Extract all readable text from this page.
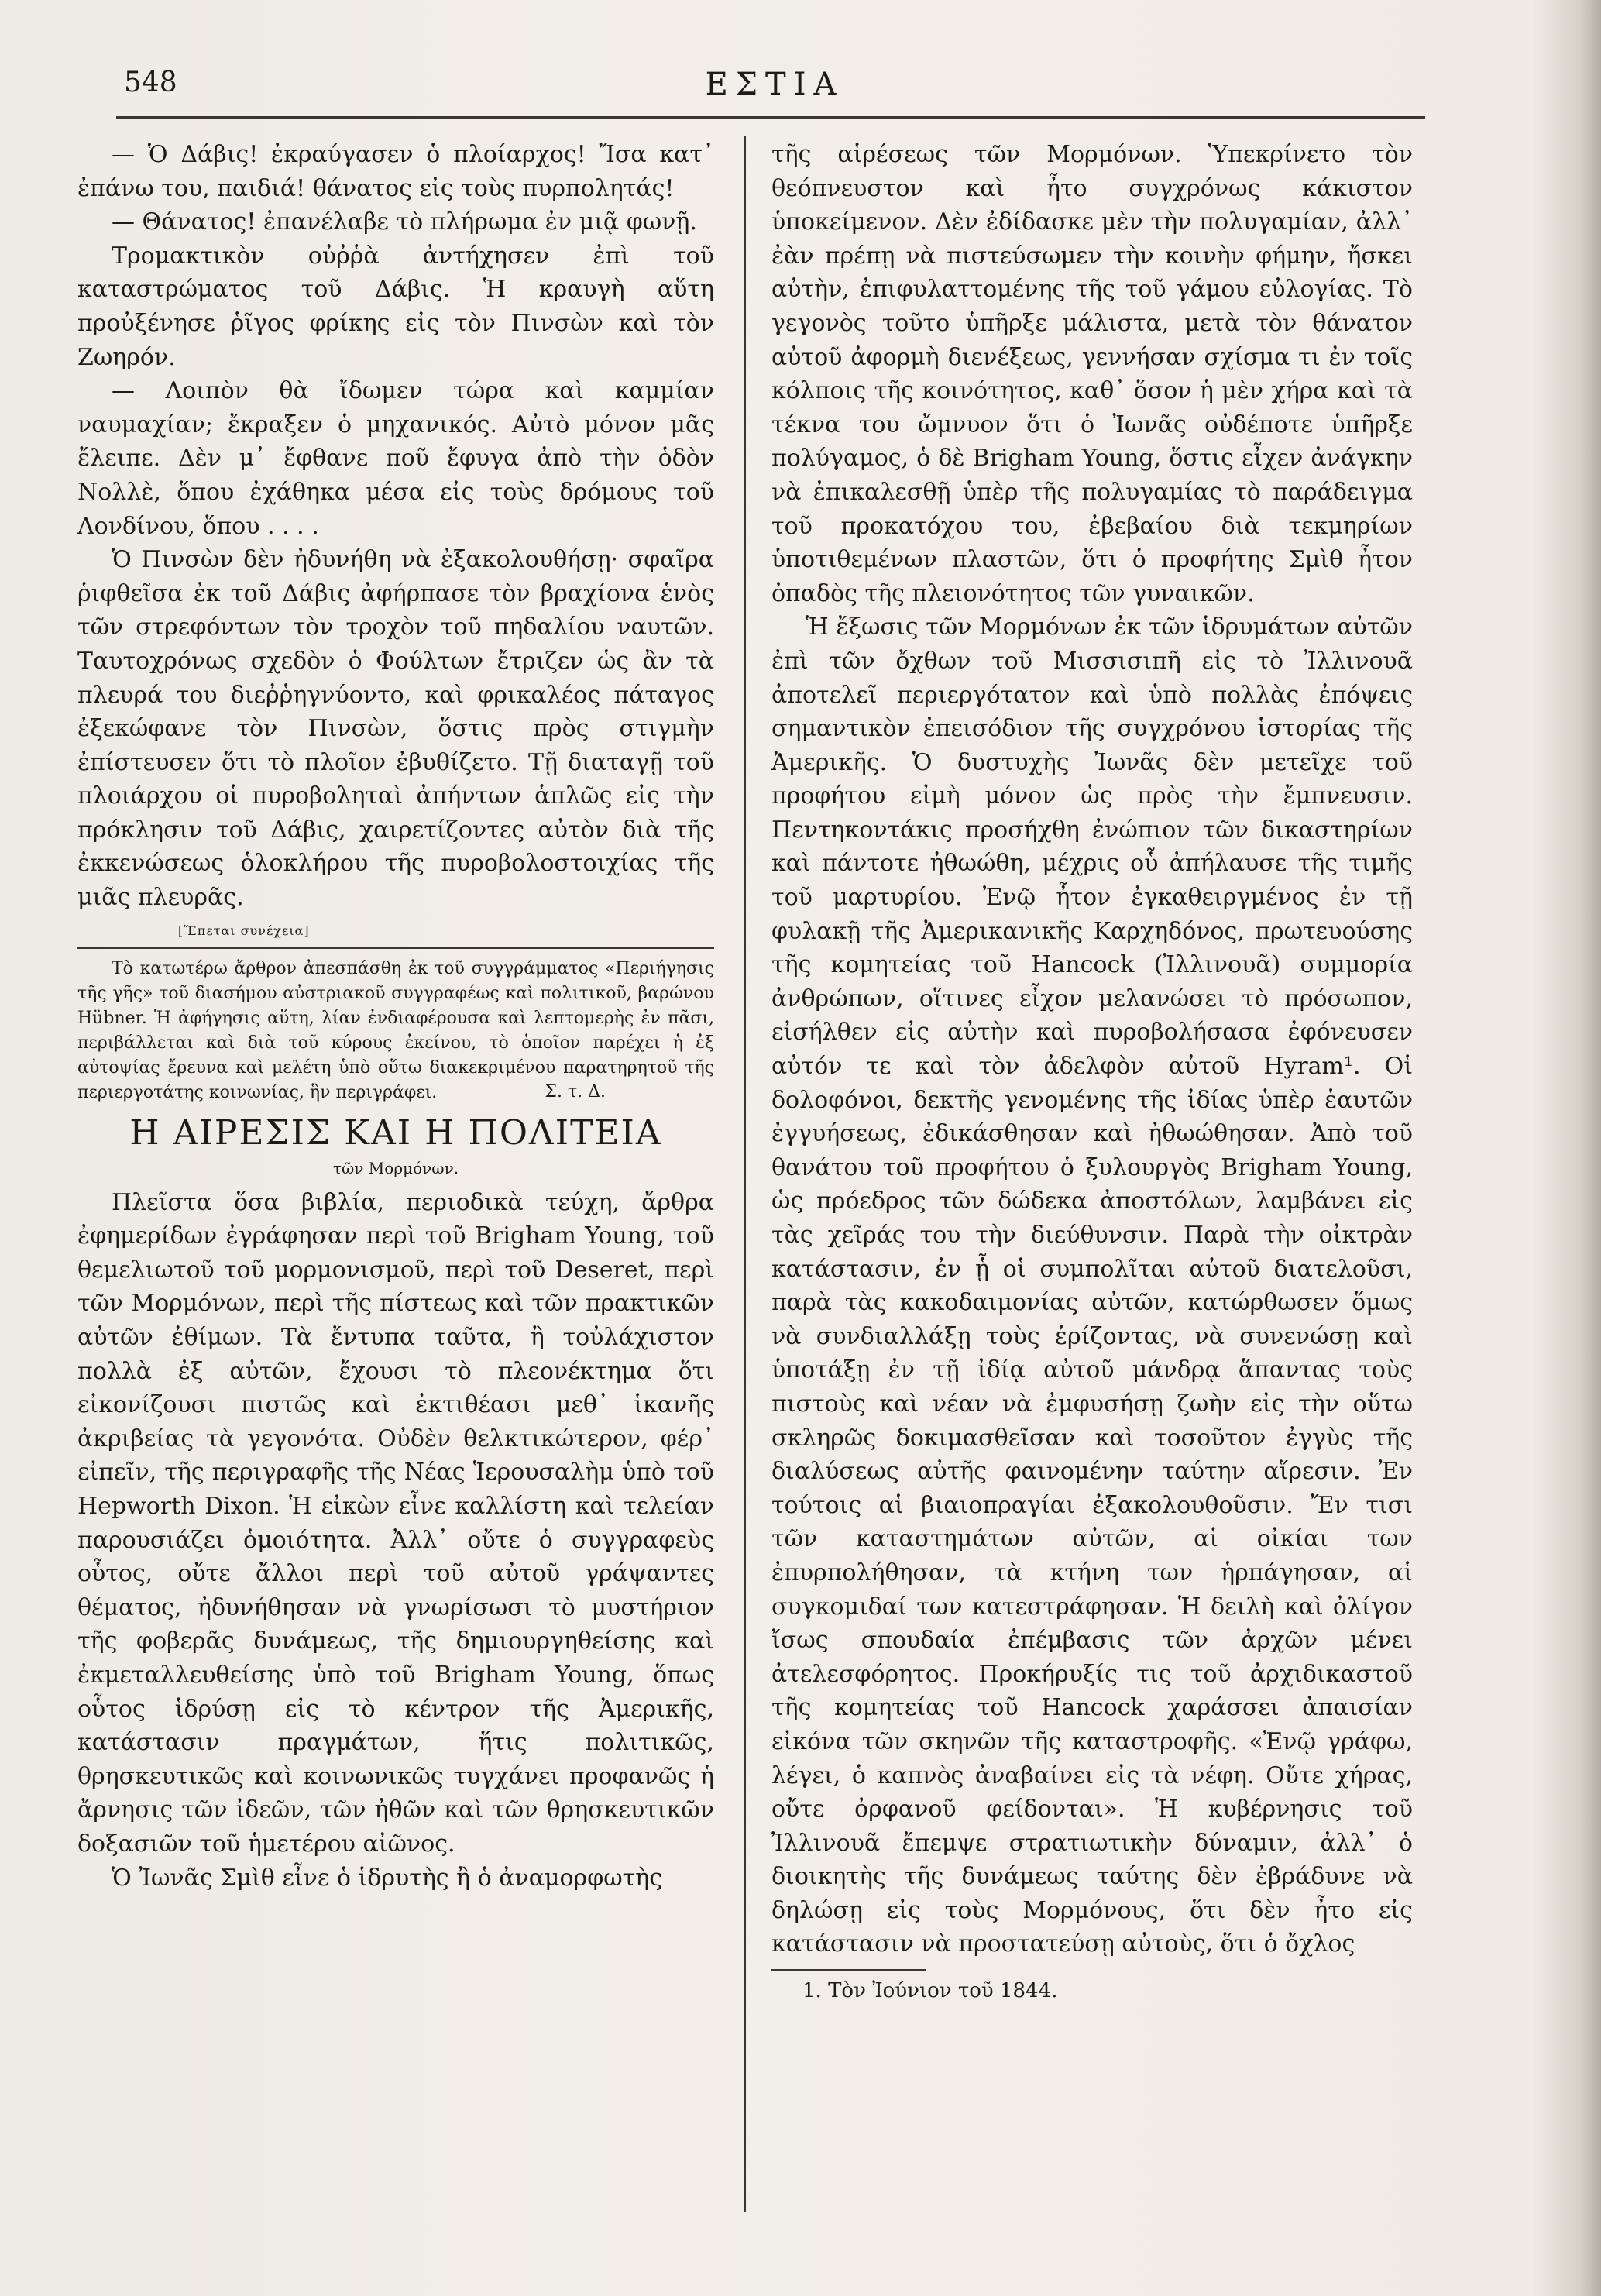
548	ΕΣΤΙΑ

— Ὁ Δάβις! ἐκραύγασεν ὁ πλοίαρχος! Ἴσα κατ᾽ ἐπάνω του, παιδιά! θάνατος εἰς τοὺς πυρπολητάς!

— Θάνατος! ἐπανέλαβε τὸ πλήρωμα ἐν μιᾷ φωνῇ.

Τρομακτικὸν οὐῤῥὰ ἀντήχησεν ἐπὶ τοῦ καταστρώματος τοῦ Δάβις. Ἡ κραυγὴ αὕτη προὐξένησε ῥῖγος φρίκης εἰς τὸν Πινσὼν καὶ τὸν Ζωηρόν.

— Λοιπὸν θὰ ἴδωμεν τώρα καὶ καμμίαν ναυμαχίαν; ἔκραξεν ὁ μηχανικός. Αὐτὸ μόνον μᾶς ἔλειπε. Δὲν μ᾽ ἔφθανε ποῦ ἔφυγα ἀπὸ τὴν ὁδὸν Νολλὲ, ὅπου ἐχάθηκα μέσα εἰς τοὺς δρόμους τοῦ Λονδίνου, ὅπου . . . .

Ὁ Πινσὼν δὲν ἠδυνήθη νὰ ἐξακολουθήσῃ· σφαῖρα ῥιφθεῖσα ἐκ τοῦ Δάβις ἀφήρπασε τὸν βραχίονα ἑνὸς τῶν στρεφόντων τὸν τροχὸν τοῦ πηδαλίου ναυτῶν. Ταυτοχρόνως σχεδὸν ὁ Φούλτων ἔτριζεν ὡς ἂν τὰ πλευρά του διεῤῥηγνύοντο, καὶ φρικαλέος πάταγος ἐξεκώφανε τὸν Πινσὼν, ὅστις πρὸς στιγμὴν ἐπίστευσεν ὅτι τὸ πλοῖον ἐβυθίζετο. Τῇ διαταγῇ τοῦ πλοιάρχου οἱ πυροβοληταὶ ἀπήντων ἁπλῶς εἰς τὴν πρόκλησιν τοῦ Δάβις, χαιρετίζοντες αὐτὸν διὰ τῆς ἐκκενώσεως ὁλοκλήρου τῆς πυροβολοστοιχίας τῆς μιᾶς πλευρᾶς.

[Ἕπεται συνέχεια]

Τὸ κατωτέρω ἄρθρον ἀπεσπάσθη ἐκ τοῦ συγγράμματος «Περιήγησις τῆς γῆς» τοῦ διασήμου αὐστριακοῦ συγγραφέως καὶ πολιτικοῦ, βαρώνου Hübner. Ἡ ἀφήγησις αὕτη, λίαν ἐνδιαφέρουσα καὶ λεπτομερὴς ἐν πᾶσι, περιβάλλεται καὶ διὰ τοῦ κύρους ἐκείνου, τὸ ὁποῖον παρέχει ἡ ἐξ αὐτοψίας ἔρευνα καὶ μελέτη ὑπὸ οὕτω διακεκριμένου παρατηρητοῦ τῆς περιεργοτάτης κοινωνίας, ἣν περιγράφει.	Σ. τ. Δ.

Η ΑΙΡΕΣΙΣ ΚΑΙ Η ΠΟΛΙΤΕΙΑ

τῶν Μορμόνων.

Πλεῖστα ὅσα βιβλία, περιοδικὰ τεύχη, ἄρθρα ἐφημερίδων ἐγράφησαν περὶ τοῦ Brigham Young, τοῦ θεμελιωτοῦ τοῦ μορμονισμοῦ, περὶ τοῦ Deseret, περὶ τῶν Μορμόνων, περὶ τῆς πίστεως καὶ τῶν πρακτικῶν αὐτῶν ἐθίμων. Τὰ ἔντυπα ταῦτα, ἢ τοὐλάχιστον πολλὰ ἐξ αὐτῶν, ἔχουσι τὸ πλεονέκτημα ὅτι εἰκονίζουσι πιστῶς καὶ ἐκτιθέασι μεθ᾽ ἱκανῆς ἀκριβείας τὰ γεγονότα. Οὐδὲν θελκτικώτερον, φέρ᾽ εἰπεῖν, τῆς περιγραφῆς τῆς Νέας Ἱερουσαλὴμ ὑπὸ τοῦ Hepworth Dixon. Ἡ εἰκὼν εἶνε καλλίστη καὶ τελείαν παρουσιάζει ὁμοιότητα. Ἀλλ᾽ οὔτε ὁ συγγραφεὺς οὗτος, οὔτε ἄλλοι περὶ τοῦ αὐτοῦ γράψαντες θέματος, ἠδυνήθησαν νὰ γνωρίσωσι τὸ μυστήριον τῆς φοβερᾶς δυνάμεως, τῆς δημιουργηθείσης καὶ ἐκμεταλλευθείσης ὑπὸ τοῦ Brigham Young, ὅπως οὗτος ἱδρύσῃ εἰς τὸ κέντρον τῆς Ἀμερικῆς, κατάστασιν πραγμάτων, ἥτις πολιτικῶς, θρησκευτικῶς καὶ κοινωνικῶς τυγχάνει προφανῶς ἡ ἄρνησις τῶν ἰδεῶν, τῶν ἠθῶν καὶ τῶν θρησκευτικῶν δοξασιῶν τοῦ ἡμετέρου αἰῶνος.

Ὁ Ἰωνᾶς Σμὶθ εἶνε ὁ ἱδρυτὴς ἢ ὁ ἀναμορφωτὴς

τῆς αἱρέσεως τῶν Μορμόνων. Ὑπεκρίνετο τὸν θεόπνευστον καὶ ἦτο συγχρόνως κάκιστον ὑποκείμενον. Δὲν ἐδίδασκε μὲν τὴν πολυγαμίαν, ἀλλ᾽ ἐὰν πρέπῃ νὰ πιστεύσωμεν τὴν κοινὴν φήμην, ἤσκει αὐτὴν, ἐπιφυλαττομένης τῆς τοῦ γάμου εὐλογίας. Τὸ γεγονὸς τοῦτο ὑπῆρξε μάλιστα, μετὰ τὸν θάνατον αὐτοῦ ἀφορμὴ διενέξεως, γεννήσαν σχίσμα τι ἐν τοῖς κόλποις τῆς κοινότητος, καθ᾽ ὅσον ἡ μὲν χήρα καὶ τὰ τέκνα του ὤμνυον ὅτι ὁ Ἰωνᾶς οὐδέποτε ὑπῆρξε πολύγαμος, ὁ δὲ Brigham Young, ὅστις εἶχεν ἀνάγκην νὰ ἐπικαλεσθῇ ὑπὲρ τῆς πολυγαμίας τὸ παράδειγμα τοῦ προκατόχου του, ἐβεβαίου διὰ τεκμηρίων ὑποτιθεμένων πλαστῶν, ὅτι ὁ προφήτης Σμὶθ ἦτον ὀπαδὸς τῆς πλειονότητος τῶν γυναικῶν.

Ἡ ἔξωσις τῶν Μορμόνων ἐκ τῶν ἱδρυμάτων αὐτῶν ἐπὶ τῶν ὄχθων τοῦ Μισσισιπῆ εἰς τὸ Ἰλλινουᾶ ἀποτελεῖ περιεργότατον καὶ ὑπὸ πολλὰς ἐπόψεις σημαντικὸν ἐπεισόδιον τῆς συγχρόνου ἱστορίας τῆς Ἀμερικῆς. Ὁ δυστυχὴς Ἰωνᾶς δὲν μετεῖχε τοῦ προφήτου εἰμὴ μόνον ὡς πρὸς τὴν ἔμπνευσιν. Πεντηκοντάκις προσήχθη ἐνώπιον τῶν δικαστηρίων καὶ πάντοτε ἠθωώθη, μέχρις οὗ ἀπήλαυσε τῆς τιμῆς τοῦ μαρτυρίου. Ἐνῷ ἦτον ἐγκαθειργμένος ἐν τῇ φυλακῇ τῆς Ἀμερικανικῆς Καρχηδόνος, πρωτευούσης τῆς κομητείας τοῦ Hancock (Ἰλλινουᾶ) συμμορία ἀνθρώπων, οἵτινες εἶχον μελανώσει τὸ πρόσωπον, εἰσήλθεν εἰς αὐτὴν καὶ πυροβολήσασα ἐφόνευσεν αὐτόν τε καὶ τὸν ἀδελφὸν αὐτοῦ Hyram¹. Οἱ δολοφόνοι, δεκτῆς γενομένης τῆς ἰδίας ὑπὲρ ἑαυτῶν ἐγγυήσεως, ἐδικάσθησαν καὶ ἠθωώθησαν. Ἀπὸ τοῦ θανάτου τοῦ προφήτου ὁ ξυλουργὸς Brigham Young, ὡς πρόεδρος τῶν δώδεκα ἀποστόλων, λαμβάνει εἰς τὰς χεῖράς του τὴν διεύθυνσιν. Παρὰ τὴν οἰκτρὰν κατάστασιν, ἐν ᾗ οἱ συμπολῖται αὐτοῦ διατελοῦσι, παρὰ τὰς κακοδαιμονίας αὐτῶν, κατώρθωσεν ὅμως νὰ συνδιαλλάξῃ τοὺς ἐρίζοντας, νὰ συνενώσῃ καὶ ὑποτάξῃ ἐν τῇ ἰδίᾳ αὐτοῦ μάνδρᾳ ἅπαντας τοὺς πιστοὺς καὶ νέαν νὰ ἐμφυσήσῃ ζωὴν εἰς τὴν οὕτω σκληρῶς δοκιμασθεῖσαν καὶ τοσοῦτον ἐγγὺς τῆς διαλύσεως αὐτῆς φαινομένην ταύτην αἵρεσιν. Ἐν τούτοις αἱ βιαιοπραγίαι ἐξακολουθοῦσιν. Ἔν τισι τῶν καταστημάτων αὐτῶν, αἱ οἰκίαι των ἐπυρπολήθησαν, τὰ κτήνη των ἡρπάγησαν, αἱ συγκομιδαί των κατεστράφησαν. Ἡ δειλὴ καὶ ὀλίγον ἴσως σπουδαία ἐπέμβασις τῶν ἀρχῶν μένει ἀτελεσφόρητος. Προκήρυξίς τις τοῦ ἀρχιδικαστοῦ τῆς κομητείας τοῦ Hancock χαράσσει ἀπαισίαν εἰκόνα τῶν σκηνῶν τῆς καταστροφῆς. «Ἐνῷ γράφω, λέγει, ὁ καπνὸς ἀναβαίνει εἰς τὰ νέφη. Οὔτε χήρας, οὔτε ὀρφανοῦ φείδονται». Ἡ κυβέρνησις τοῦ Ἰλλινουᾶ ἔπεμψε στρατιωτικὴν δύναμιν, ἀλλ᾽ ὁ διοικητὴς τῆς δυνάμεως ταύτης δὲν ἐβράδυνε νὰ δηλώσῃ εἰς τοὺς Μορμόνους, ὅτι δὲν ἦτο εἰς κατάστασιν νὰ προστατεύσῃ αὐτοὺς, ὅτι ὁ ὄχλος

1. Τὸν Ἰούνιον τοῦ 1844.
